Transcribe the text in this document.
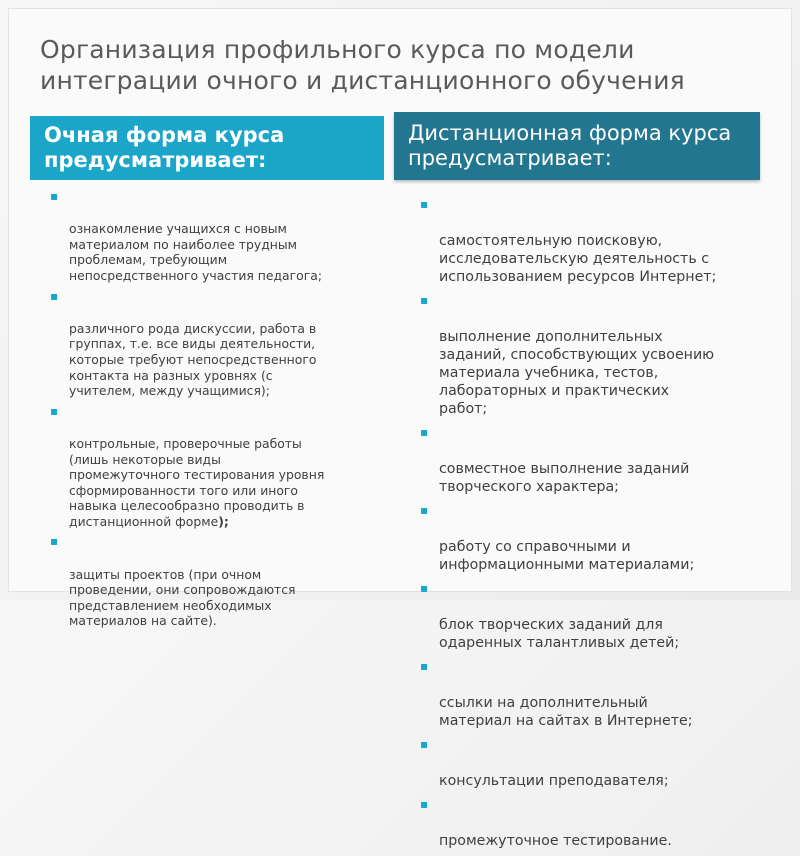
Организация профильного курса по модели интеграции очного и дистанционного обучения
Очная форма курса предусматривает:
Дистанционная форма курса предусматривает:

▪

ознакомление учащихся с новым
материалом по наиболее трудным
проблемам, требующим
непосредственного участия педагога;

▪

различного рода дискуссии, работа в
группах, т.е. все виды деятельности,
которые требуют непосредственного
контакта на разных уровнях (с
учителем, между учащимися);

▪

контрольные, проверочные работы
(лишь некоторые виды
промежуточного тестирования уровня
сформированности того или иного
навыка целесообразно проводить в
дистанционной форме);

▪

защиты проектов (при очном
проведении, они сопровождаются
представлением необходимых
материалов на сайте).

▪

самостоятельную поисковую,
исследовательскую деятельность с
использованием ресурсов Интернет;

▪

выполнение дополнительных
заданий, способствующих усвоению
материала учебника, тестов,
лабораторных и практических
работ;

▪

совместное выполнение заданий
творческого характера;

▪

работу со справочными и
информационными материалами;

▪

блок творческих заданий для
одаренных талантливых детей;

▪

ссылки на дополнительный
материал на сайтах в Интернете;

▪

консультации преподавателя;

▪

промежуточное тестирование.
